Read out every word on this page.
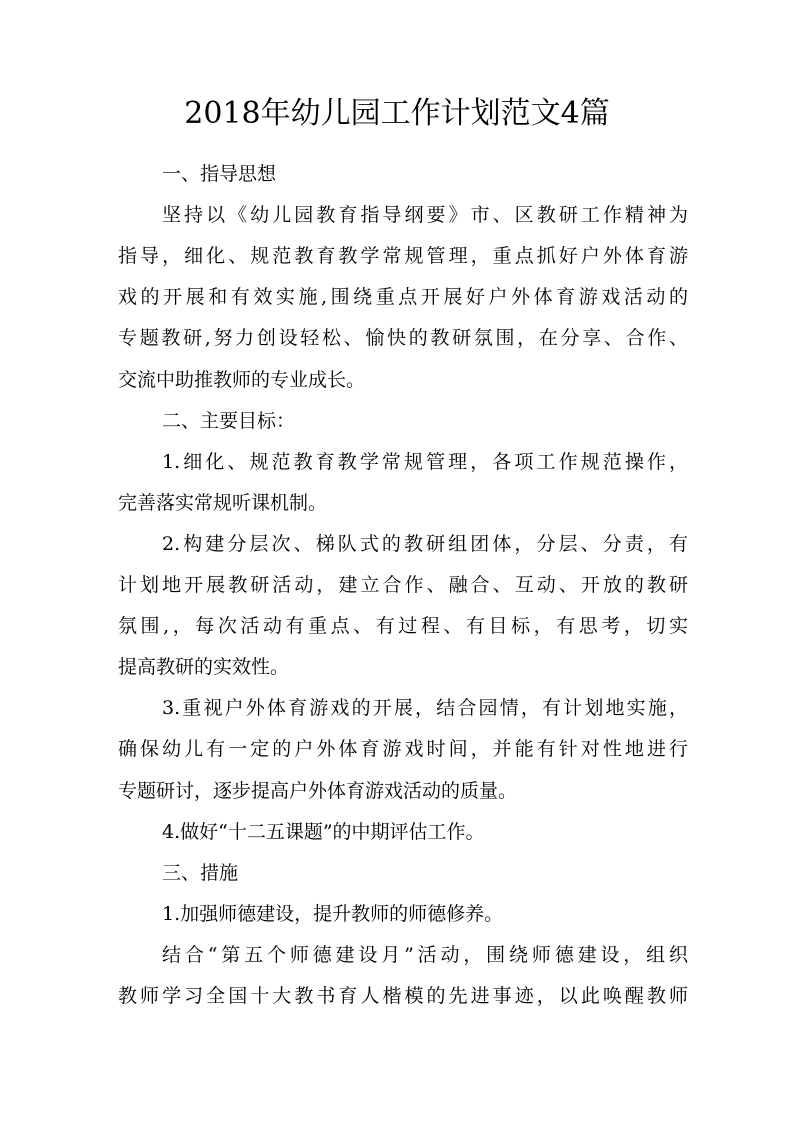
2018年幼儿园工作计划范文4篇
一、指导思想
坚持以《幼儿园教育指导纲要》市、区教研工作精神为
指导，细化、规范教育教学常规管理，重点抓好户外体育游
戏的开展和有效实施,围绕重点开展好户外体育游戏活动的
专题教研,努力创设轻松、愉快的教研氛围，在分享、合作、
交流中助推教师的专业成长。
二、主要目标：
1.细化、规范教育教学常规管理，各项工作规范操作，
完善落实常规听课机制。
2.构建分层次、梯队式的教研组团体，分层、分责，有
计划地开展教研活动，建立合作、融合、互动、开放的教研
氛围,，每次活动有重点、有过程、有目标，有思考，切实
提高教研的实效性。
3.重视户外体育游戏的开展，结合园情，有计划地实施，
确保幼儿有一定的户外体育游戏时间，并能有针对性地进行
专题研讨，逐步提高户外体育游戏活动的质量。
4.做好“十二五课题”的中期评估工作。
三、措施
1.加强师德建设，提升教师的师德修养。
结合“第五个师德建设月”活动，围绕师德建设，组织
教师学习全国十大教书育人楷模的先进事迹，以此唤醒教师
